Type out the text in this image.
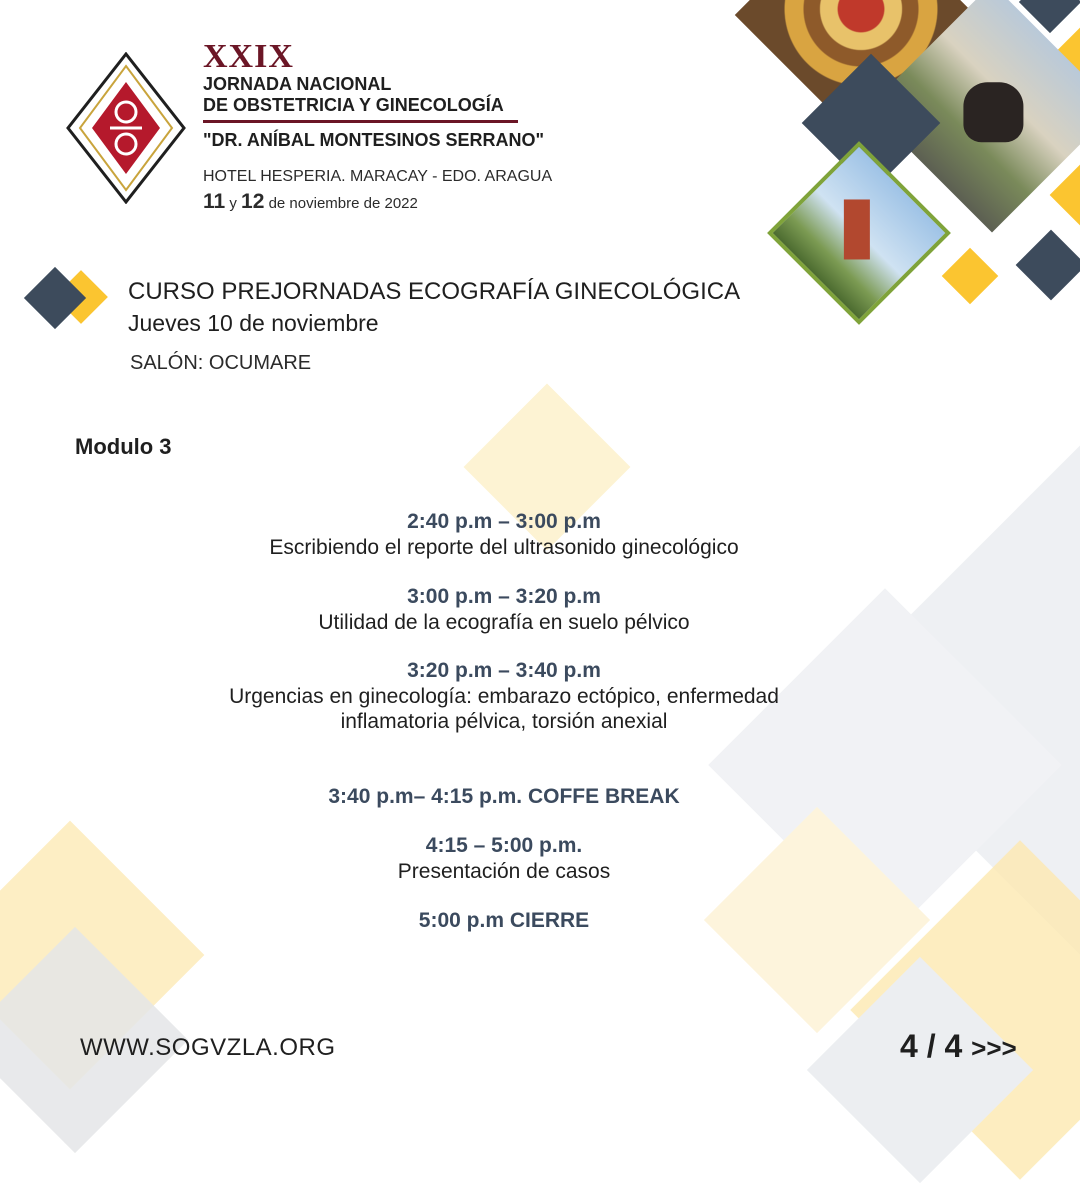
XXIX
JORNADA NACIONAL
DE OBSTETRICIA Y GINECOLOGÍA
"DR. ANÍBAL MONTESINOS SERRANO"
HOTEL HESPERIA. MARACAY - EDO. ARAGUA
11 y 12 de noviembre de 2022
CURSO PREJORNADAS ECOGRAFÍA GINECOLÓGICA
Jueves 10 de noviembre
SALÓN: OCUMARE
Modulo 3
2:40 p.m – 3:00 p.m
Escribiendo el reporte del ultrasonido ginecológico
3:00 p.m – 3:20 p.m
Utilidad de la ecografía en suelo pélvico
3:20 p.m – 3:40 p.m
Urgencias en ginecología: embarazo ectópico, enfermedad
inflamatoria pélvica, torsión anexial
3:40 p.m– 4:15 p.m. COFFE BREAK
4:15 – 5:00 p.m.
Presentación de casos
5:00 p.m CIERRE
WWW.SOGVZLA.ORG	4 / 4 >>>
